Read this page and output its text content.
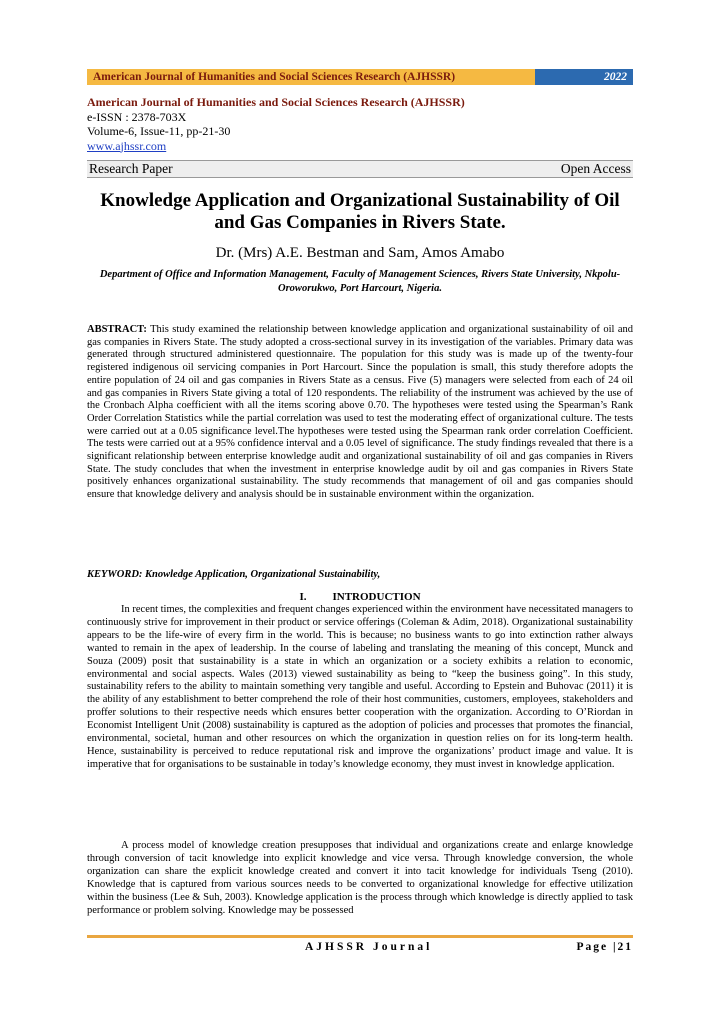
American Journal of Humanities and Social Sciences Research (AJHSSR)	2022
American Journal of Humanities and Social Sciences Research (AJHSSR)
e-ISSN : 2378-703X
Volume-6, Issue-11, pp-21-30
www.ajhssr.com
Research Paper	Open Access
Knowledge Application and Organizational Sustainability of Oil and Gas Companies in Rivers State.
Dr. (Mrs) A.E. Bestman and Sam, Amos Amabo
Department of Office and Information Management, Faculty of Management Sciences, Rivers State University, Nkpolu-Oroworukwo, Port Harcourt, Nigeria.
ABSTRACT: This study examined the relationship between knowledge application and organizational sustainability of oil and gas companies in Rivers State. The study adopted a cross-sectional survey in its investigation of the variables. Primary data was generated through structured administered questionnaire. The population for this study was is made up of the twenty-four registered indigenous oil servicing companies in Port Harcourt. Since the population is small, this study therefore adopts the entire population of 24 oil and gas companies in Rivers State as a census. Five (5) managers were selected from each of 24 oil and gas companies in Rivers State giving a total of 120 respondents. The reliability of the instrument was achieved by the use of the Cronbach Alpha coefficient with all the items scoring above 0.70. The hypotheses were tested using the Spearman’s Rank Order Correlation Statistics while the partial correlation was used to test the moderating effect of organizational culture. The tests were carried out at a 0.05 significance level.The hypotheses were tested using the Spearman rank order correlation Coefficient. The tests were carried out at a 95% confidence interval and a 0.05 level of significance. The study findings revealed that there is a significant relationship between enterprise knowledge audit and organizational sustainability of oil and gas companies in Rivers State. The study concludes that when the investment in enterprise knowledge audit by oil and gas companies in Rivers State positively enhances organizational sustainability. The study recommends that management of oil and gas companies should ensure that knowledge delivery and analysis should be in sustainable environment within the organization.
KEYWORD: Knowledge Application, Organizational Sustainability,
I. INTRODUCTION

In recent times, the complexities and frequent changes experienced within the environment have necessitated managers to continuously strive for improvement in their product or service offerings (Coleman & Adim, 2018). Organizational sustainability appears to be the life-wire of every firm in the world. This is because; no business wants to go into extinction rather always wanted to remain in the apex of leadership. In the course of labeling and translating the meaning of this concept, Munck and Souza (2009) posit that sustainability is a state in which an organization or a society exhibits a relation to economic, environmental and social aspects. Wales (2013) viewed sustainability as being to “keep the business going”. In this study, sustainability refers to the ability to maintain something very tangible and useful. According to Epstein and Buhovac (2011) it is the ability of any establishment to better comprehend the role of their host communities, customers, employees, stakeholders and proffer solutions to their respective needs which ensures better cooperation with the organization. According to O’Riordan in Economist Intelligent Unit (2008) sustainability is captured as the adoption of policies and processes that promotes the financial, environmental, societal, human and other resources on which the organization in question relies on for its long-term health. Hence, sustainability is perceived to reduce reputational risk and improve the organizations’ product image and value. It is imperative that for organisations to be sustainable in today’s knowledge economy, they must invest in knowledge application.

A process model of knowledge creation presupposes that individual and organizations create and enlarge knowledge through conversion of tacit knowledge into explicit knowledge and vice versa. Through knowledge conversion, the whole organization can share the explicit knowledge created and convert it into tacit knowledge for individuals Tseng (2010). Knowledge that is captured from various sources needs to be converted to organizational knowledge for effective utilization within the business (Lee & Suh, 2003). Knowledge application is the process through which knowledge is directly applied to task performance or problem solving. Knowledge may be possessed

AJHSSR Journal	Page |21
